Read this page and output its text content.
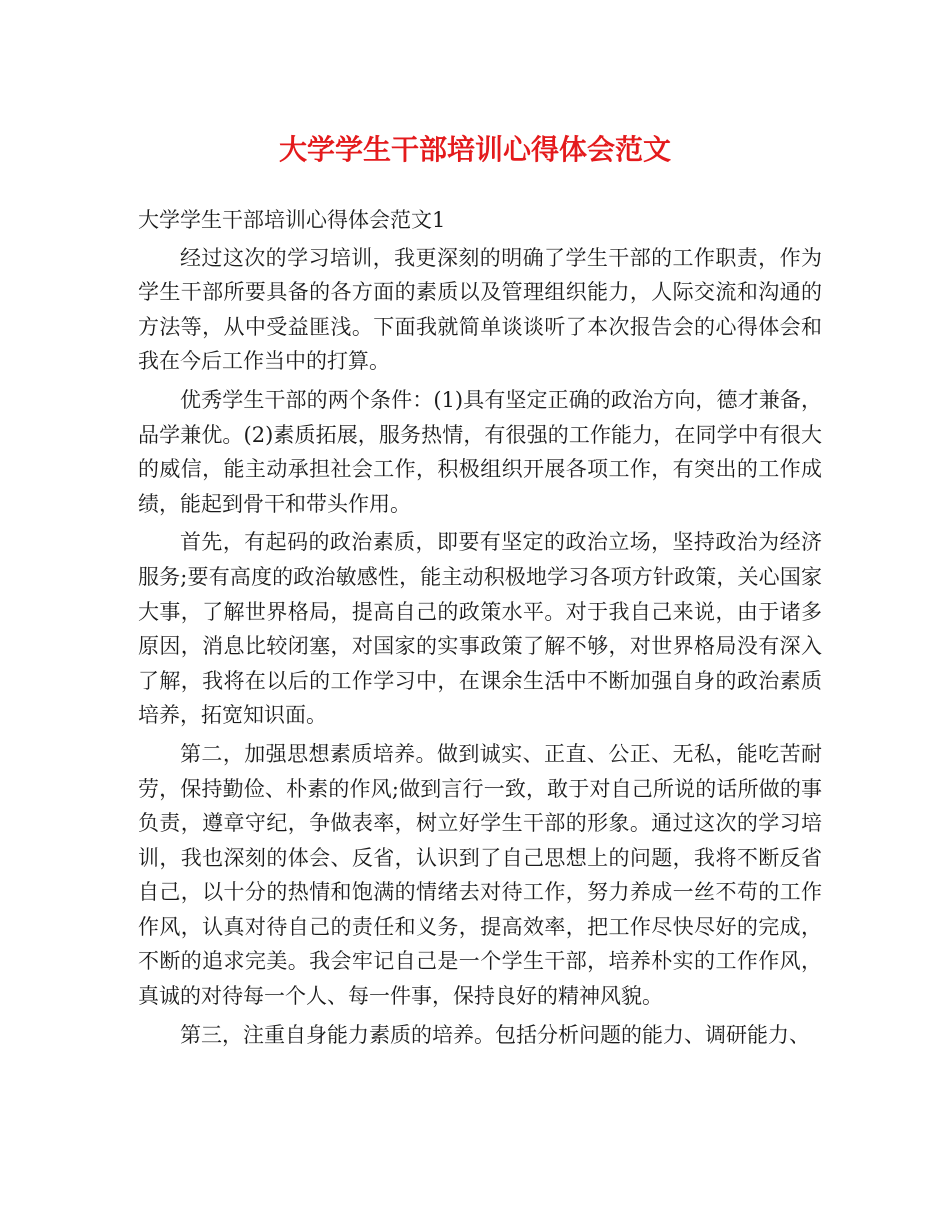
大学学生干部培训心得体会范文

大学学生干部培训心得体会范文1

经过这次的学习培训，我更深刻的明确了学生干部的工作职责，作为学生干部所要具备的各方面的素质以及管理组织能力，人际交流和沟通的方法等，从中受益匪浅。下面我就简单谈谈听了本次报告会的心得体会和我在今后工作当中的打算。

优秀学生干部的两个条件：(1)具有坚定正确的政治方向，德才兼备，品学兼优。(2)素质拓展，服务热情，有很强的工作能力，在同学中有很大的威信，能主动承担社会工作，积极组织开展各项工作，有突出的工作成绩，能起到骨干和带头作用。

首先，有起码的政治素质，即要有坚定的政治立场，坚持政治为经济服务;要有高度的政治敏感性，能主动积极地学习各项方针政策，关心国家大事，了解世界格局，提高自己的政策水平。对于我自己来说，由于诸多原因，消息比较闭塞，对国家的实事政策了解不够，对世界格局没有深入了解，我将在以后的工作学习中，在课余生活中不断加强自身的政治素质培养，拓宽知识面。

第二，加强思想素质培养。做到诚实、正直、公正、无私，能吃苦耐劳，保持勤俭、朴素的作风;做到言行一致，敢于对自己所说的话所做的事负责，遵章守纪，争做表率，树立好学生干部的形象。通过这次的学习培训，我也深刻的体会、反省，认识到了自己思想上的问题，我将不断反省自己，以十分的热情和饱满的情绪去对待工作，努力养成一丝不苟的工作作风，认真对待自己的责任和义务，提高效率，把工作尽快尽好的完成，不断的追求完美。我会牢记自己是一个学生干部，培养朴实的工作作风，真诚的对待每一个人、每一件事，保持良好的精神风貌。

第三，注重自身能力素质的培养。包括分析问题的能力、调研能力、
